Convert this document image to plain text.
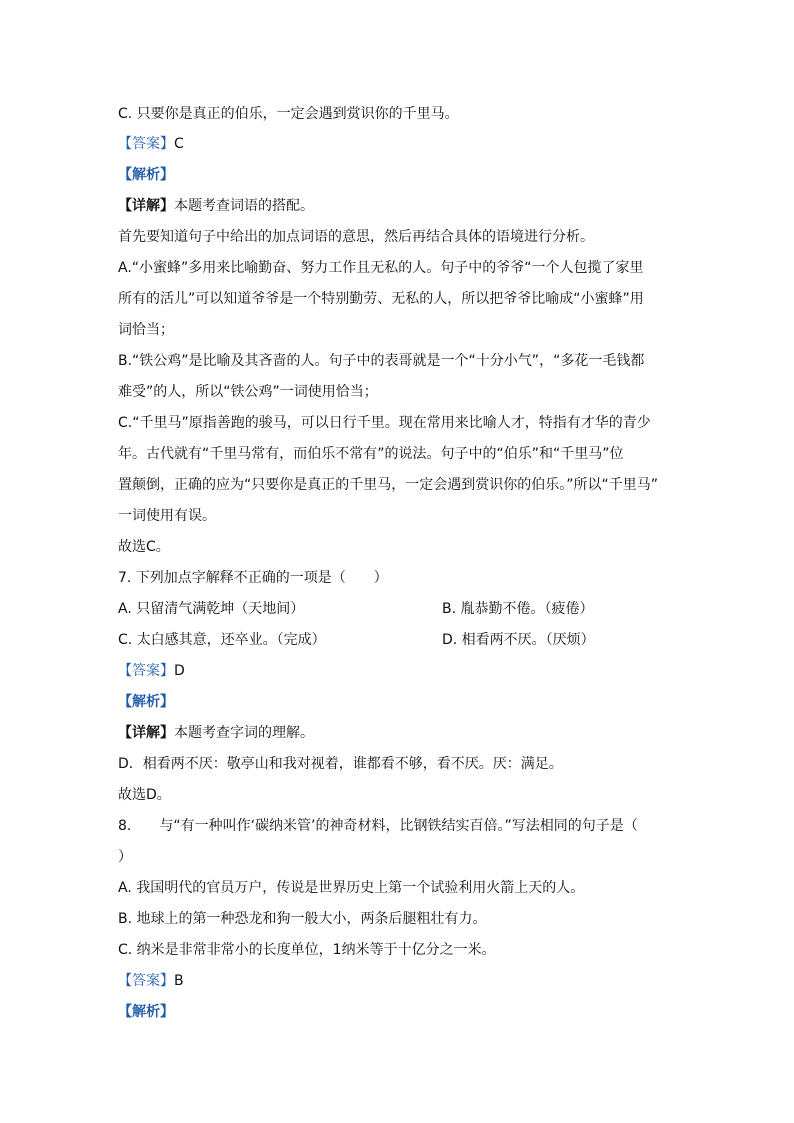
C. 只要你是真正的伯乐，一定会遇到赏识你的千里马。
【答案】C
【解析】
【详解】本题考查词语的搭配。
首先要知道句子中给出的加点词语的意思，然后再结合具体的语境进行分析。
A.“小蜜蜂”多用来比喻勤奋、努力工作且无私的人。句子中的爷爷“一个人包揽了家里
所有的活儿”可以知道爷爷是一个特别勤劳、无私的人，所以把爷爷比喻成“小蜜蜂”用
词恰当；
B.“铁公鸡”是比喻及其吝啬的人。句子中的表哥就是一个“十分小气”，“多花一毛钱都
难受”的人，所以“铁公鸡”一词使用恰当；
C.“千里马”原指善跑的骏马，可以日行千里。现在常用来比喻人才，特指有才华的青少
年。古代就有“千里马常有，而伯乐不常有”的说法。句子中的“伯乐”和“千里马”位
置颠倒，正确的应为“只要你是真正的千里马，一定会遇到赏识你的伯乐。”所以“千里马”
一词使用有误。
故选C。
7. 下列加点字解释不正确的一项是（　　）
A. 只留清气满乾坤（天地间）	B. 胤恭勤不倦。（疲倦）
C. 太白感其意，还卒业。（完成）	D. 相看两不厌。（厌烦）
【答案】D
【解析】
【详解】本题考查字词的理解。
D．相看两不厌：敬亭山和我对视着，谁都看不够，看不厌。厌：满足。
故选D。
8.　　与“有一种叫作‘碳纳米管’的神奇材料，比钢铁结实百倍。”写法相同的句子是（
）
A. 我国明代的官员万户，传说是世界历史上第一个试验利用火箭上天的人。
B. 地球上的第一种恐龙和狗一般大小，两条后腿粗壮有力。
C. 纳米是非常非常小的长度单位，1纳米等于十亿分之一米。
【答案】B
【解析】
